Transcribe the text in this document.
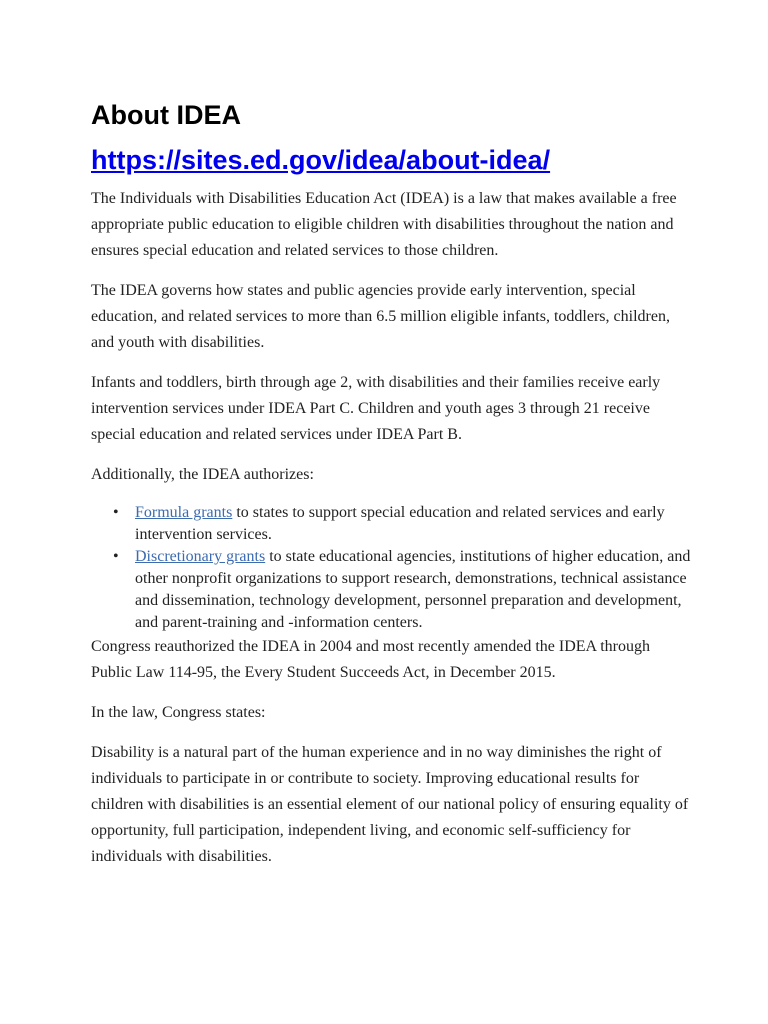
About IDEA
https://sites.ed.gov/idea/about-idea/

The Individuals with Disabilities Education Act (IDEA) is a law that makes available a free appropriate public education to eligible children with disabilities throughout the nation and ensures special education and related services to those children.

The IDEA governs how states and public agencies provide early intervention, special education, and related services to more than 6.5 million eligible infants, toddlers, children, and youth with disabilities.

Infants and toddlers, birth through age 2, with disabilities and their families receive early intervention services under IDEA Part C. Children and youth ages 3 through 21 receive special education and related services under IDEA Part B.

Additionally, the IDEA authorizes:

• Formula grants to states to support special education and related services and early intervention services.
• Discretionary grants to state educational agencies, institutions of higher education, and other nonprofit organizations to support research, demonstrations, technical assistance and dissemination, technology development, personnel preparation and development, and parent-training and -information centers.

Congress reauthorized the IDEA in 2004 and most recently amended the IDEA through Public Law 114-95, the Every Student Succeeds Act, in December 2015.

In the law, Congress states:

Disability is a natural part of the human experience and in no way diminishes the right of individuals to participate in or contribute to society. Improving educational results for children with disabilities is an essential element of our national policy of ensuring equality of opportunity, full participation, independent living, and economic self-sufficiency for individuals with disabilities.
